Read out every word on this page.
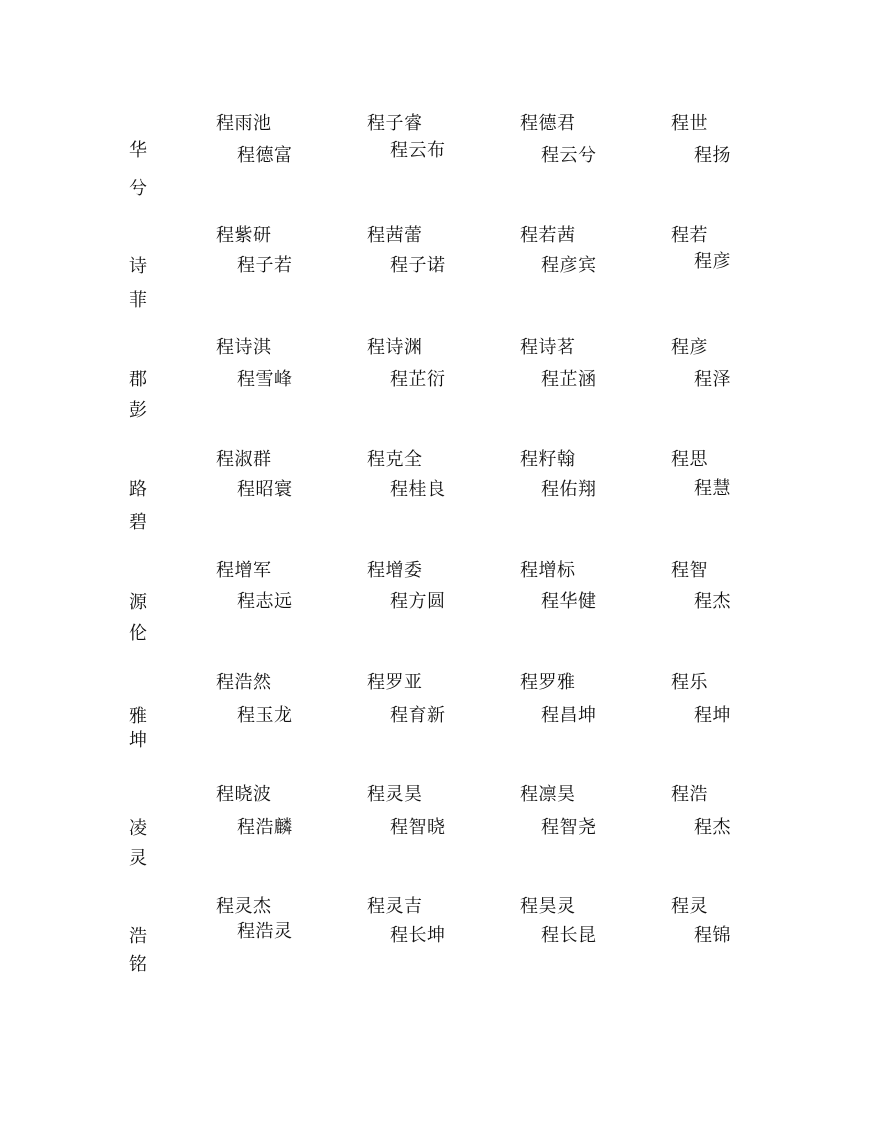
程雨池	程子睿	程德君	程世
华	程德富	程云布	程云兮	程扬
兮
程紫研	程茜蕾	程若茜	程若
诗	程子若	程子诺	程彦宾	程彦
菲
程诗淇	程诗渊	程诗茗	程彦
郡	程雪峰	程芷衍	程芷涵	程泽
彭
程淑群	程克全	程籽翰	程思
路	程昭寰	程桂良	程佑翔	程慧
碧
程增军	程增委	程增标	程智
源	程志远	程方圆	程华健	程杰
伦
程浩然	程罗亚	程罗雅	程乐
雅	程玉龙	程育新	程昌坤	程坤
坤
程晓波	程灵昊	程凛昊	程浩
凌	程浩麟	程智晓	程智尧	程杰
灵
程灵杰	程灵吉	程昊灵	程灵
浩	程浩灵	程长坤	程长昆	程锦
铭
